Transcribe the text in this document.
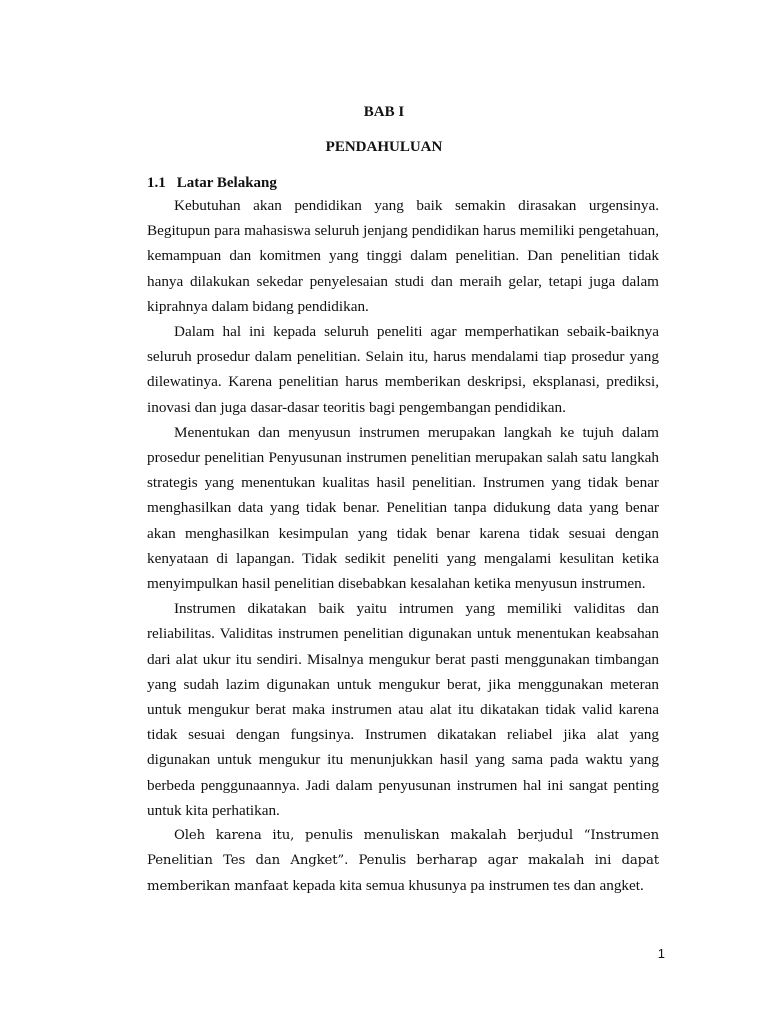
BAB I
PENDAHULUAN
1.1 Latar Belakang

Kebutuhan akan pendidikan yang baik semakin dirasakan urgensinya. Begitupun para mahasiswa seluruh jenjang pendidikan harus memiliki pengetahuan, kemampuan dan komitmen yang tinggi dalam penelitian. Dan penelitian tidak hanya dilakukan sekedar penyelesaian studi dan meraih gelar, tetapi juga dalam kiprahnya dalam bidang pendidikan.

Dalam hal ini kepada seluruh peneliti agar memperhatikan sebaik-baiknya seluruh prosedur dalam penelitian. Selain itu, harus mendalami tiap prosedur yang dilewatinya. Karena penelitian harus memberikan deskripsi, eksplanasi, prediksi, inovasi dan juga dasar-dasar teoritis bagi pengembangan pendidikan.

Menentukan dan menyusun instrumen merupakan langkah ke tujuh dalam prosedur penelitian Penyusunan instrumen penelitian merupakan salah satu langkah strategis yang menentukan kualitas hasil penelitian. Instrumen yang tidak benar menghasilkan data yang tidak benar. Penelitian tanpa didukung data yang benar akan menghasilkan kesimpulan yang tidak benar karena tidak sesuai dengan kenyataan di lapangan. Tidak sedikit peneliti yang mengalami kesulitan ketika menyimpulkan hasil penelitian disebabkan kesalahan ketika menyusun instrumen.

Instrumen dikatakan baik yaitu intrumen yang memiliki validitas dan reliabilitas. Validitas instrumen penelitian digunakan untuk menentukan keabsahan dari alat ukur itu sendiri. Misalnya mengukur berat pasti menggunakan timbangan yang sudah lazim digunakan untuk mengukur berat, jika menggunakan meteran untuk mengukur berat maka instrumen atau alat itu dikatakan tidak valid karena tidak sesuai dengan fungsinya. Instrumen dikatakan reliabel jika alat yang digunakan untuk mengukur itu menunjukkan hasil yang sama pada waktu yang berbeda penggunaannya. Jadi dalam penyusunan instrumen hal ini sangat penting untuk kita perhatikan.

Oleh karena itu, penulis menuliskan makalah berjudul “Instrumen Penelitian Tes dan Angket”. Penulis berharap agar makalah ini dapat memberikan manfaat kepada kita semua khusunya pa instrumen tes dan angket.

1
